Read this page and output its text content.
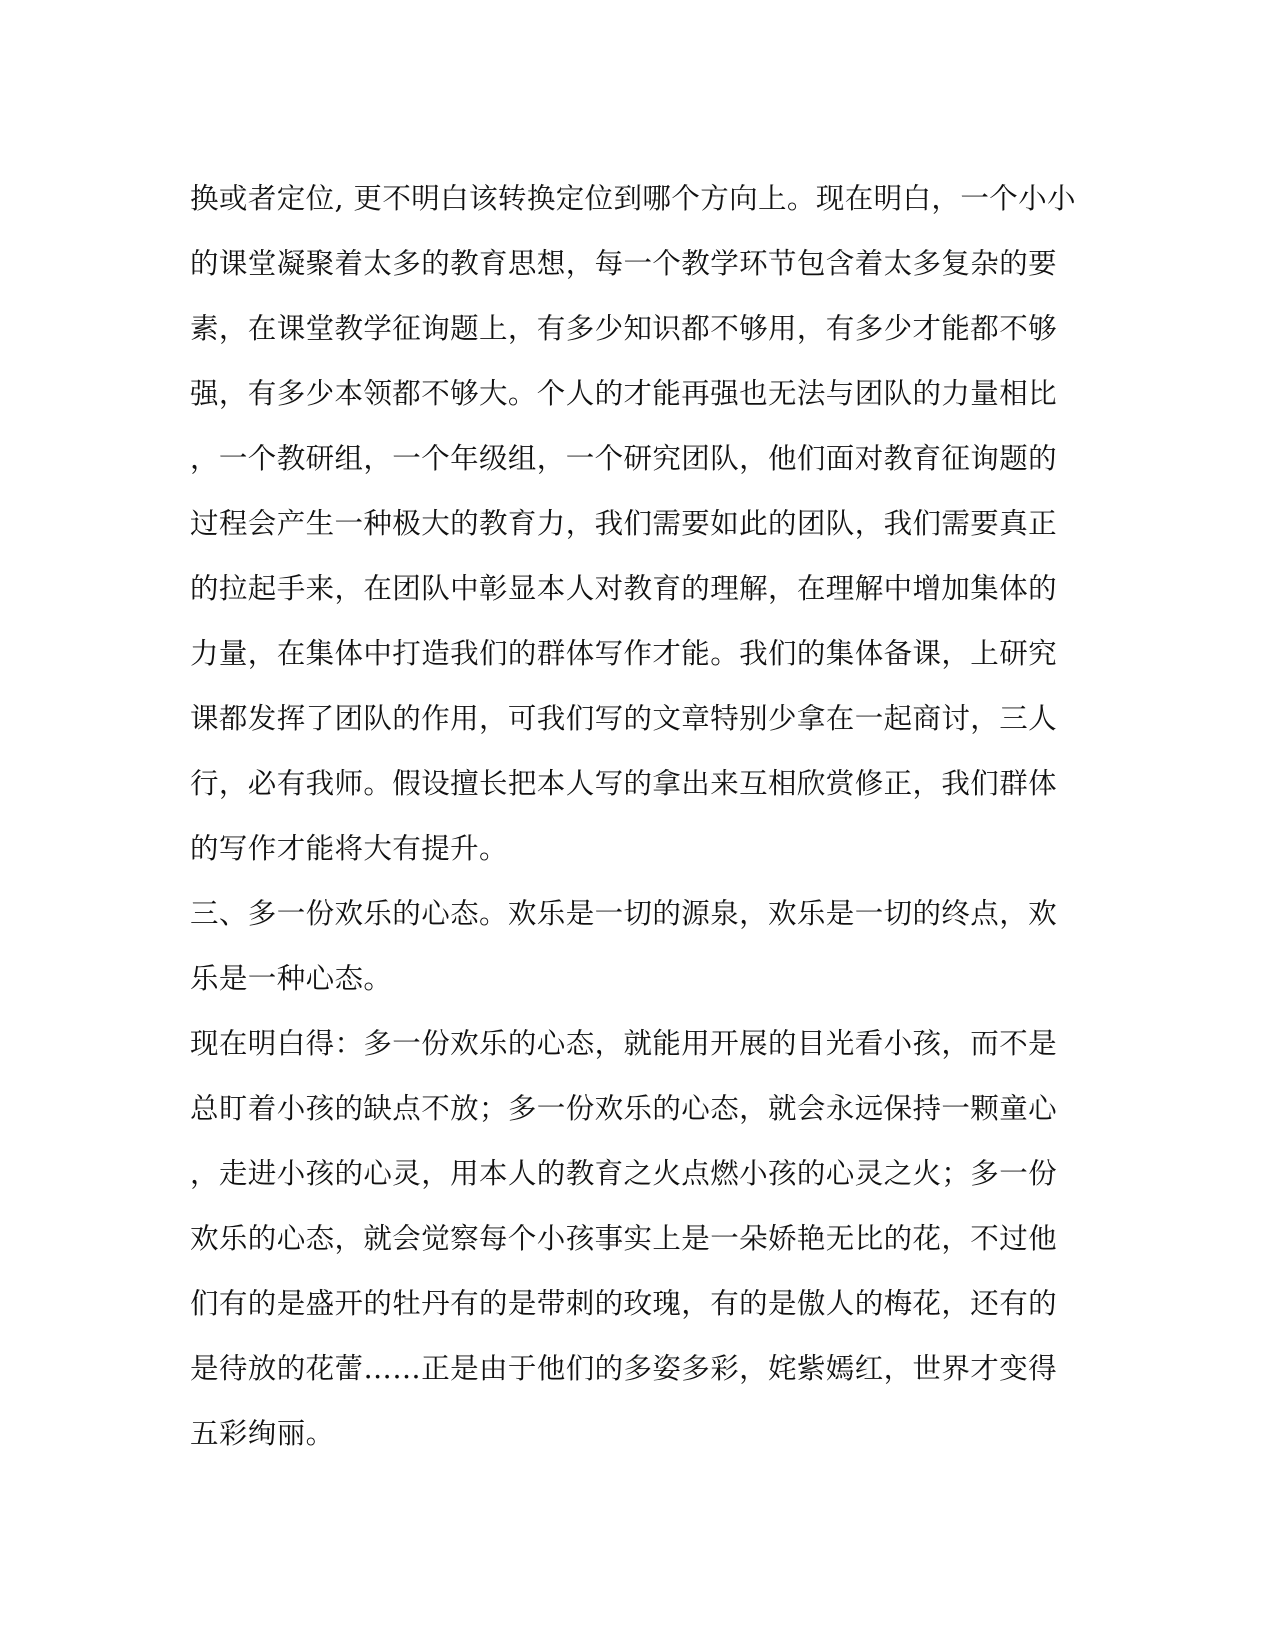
换或者定位, 更不明白该转换定位到哪个方向上。现在明白，一个小小
的课堂凝聚着太多的教育思想，每一个教学环节包含着太多复杂的要
素，在课堂教学征询题上，有多少知识都不够用，有多少才能都不够
强，有多少本领都不够大。个人的才能再强也无法与团队的力量相比
，一个教研组，一个年级组，一个研究团队，他们面对教育征询题的
过程会产生一种极大的教育力，我们需要如此的团队，我们需要真正
的拉起手来，在团队中彰显本人对教育的理解，在理解中增加集体的
力量，在集体中打造我们的群体写作才能。我们的集体备课，上研究
课都发挥了团队的作用，可我们写的文章特别少拿在一起商讨，三人
行，必有我师。假设擅长把本人写的拿出来互相欣赏修正，我们群体
的写作才能将大有提升。
三、多一份欢乐的心态。欢乐是一切的源泉，欢乐是一切的终点，欢
乐是一种心态。
现在明白得：多一份欢乐的心态，就能用开展的目光看小孩，而不是
总盯着小孩的缺点不放；多一份欢乐的心态，就会永远保持一颗童心
，走进小孩的心灵，用本人的教育之火点燃小孩的心灵之火；多一份
欢乐的心态，就会觉察每个小孩事实上是一朵娇艳无比的花，不过他
们有的是盛开的牡丹有的是带刺的玫瑰，有的是傲人的梅花，还有的
是待放的花蕾……正是由于他们的多姿多彩，姹紫嫣红，世界才变得
五彩绚丽。
